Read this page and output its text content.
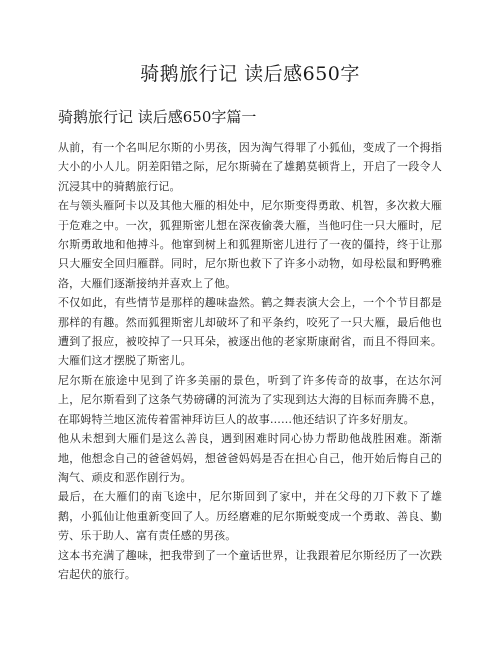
骑鹅旅行记 读后感650字
骑鹅旅行记 读后感650字篇一

从前，有一个名叫尼尔斯的小男孩，因为淘气得罪了小狐仙，变成了一个拇指大小的小人儿。阴差阳错之际，尼尔斯骑在了雄鹅莫顿背上，开启了一段令人沉浸其中的骑鹅旅行记。

在与领头雁阿卡以及其他大雁的相处中，尼尔斯变得勇敢、机智，多次救大雁于危难之中。一次，狐狸斯密儿想在深夜偷袭大雁，当他叼住一只大雁时，尼尔斯勇敢地和他搏斗。他窜到树上和狐狸斯密儿进行了一夜的僵持，终于让那只大雁安全回归雁群。同时，尼尔斯也救下了许多小动物，如母松鼠和野鸭雅洛，大雁们逐渐接纳并喜欢上了他。

不仅如此，有些情节是那样的趣味盎然。鹤之舞表演大会上，一个个节目都是那样的有趣。然而狐狸斯密儿却破坏了和平条约，咬死了一只大雁，最后他也遭到了报应，被咬掉了一只耳朵，被逐出他的老家斯康耐省，而且不得回来。大雁们这才摆脱了斯密儿。

尼尔斯在旅途中见到了许多美丽的景色，听到了许多传奇的故事，在达尔河上，尼尔斯看到了这条气势磅礴的河流为了实现到达大海的目标而奔腾不息，在耶姆特兰地区流传着雷神拜访巨人的故事……他还结识了许多好朋友。

他从未想到大雁们是这么善良，遇到困难时同心协力帮助他战胜困难。渐渐地，他想念自己的爸爸妈妈，想爸爸妈妈是否在担心自己，他开始后悔自己的淘气、顽皮和恶作剧行为。

最后，在大雁们的南飞途中，尼尔斯回到了家中，并在父母的刀下救下了雄鹅，小狐仙让他重新变回了人。历经磨难的尼尔斯蜕变成一个勇敢、善良、勤劳、乐于助人、富有责任感的男孩。

这本书充满了趣味，把我带到了一个童话世界，让我跟着尼尔斯经历了一次跌宕起伏的旅行。
